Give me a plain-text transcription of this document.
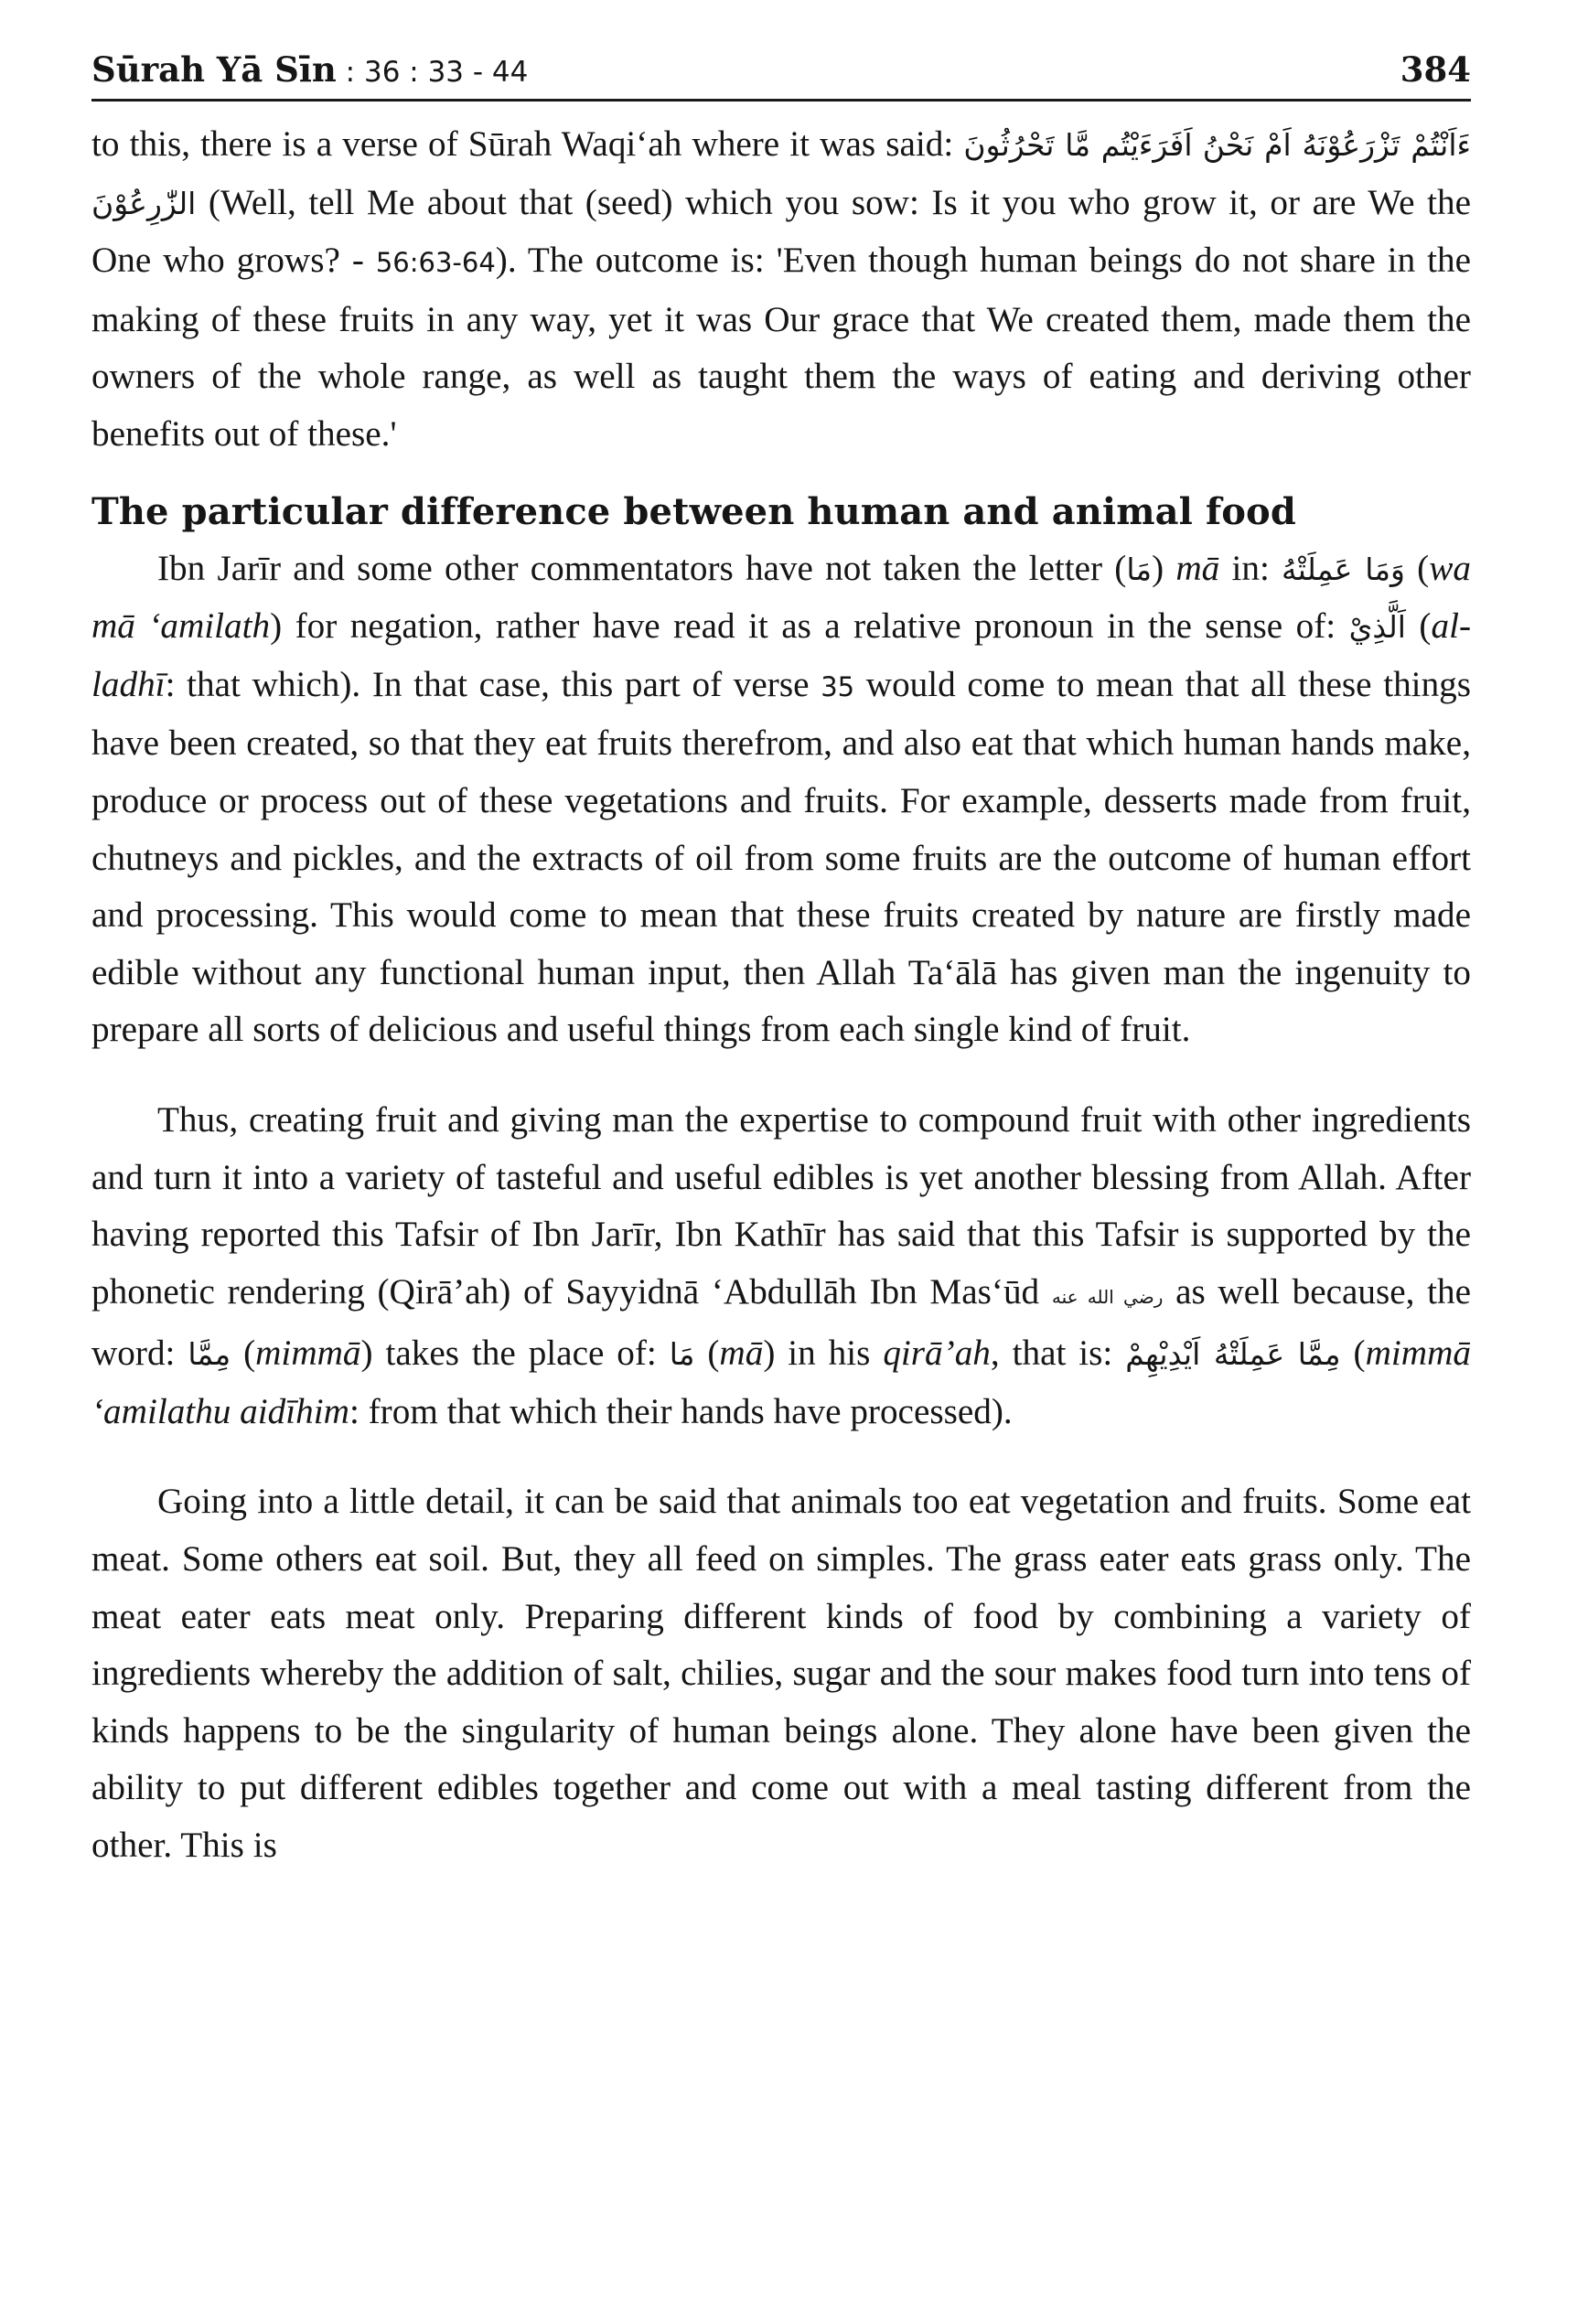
Sūrah Yā Sīn : 36 : 33 - 44	384

to this, there is a verse of Sūrah Waqi‘ah where it was said: اَفَرَءَيْتُم مَّا تَحْرُثُونَ ءَاَنْتُمْ تَزْرَعُوْنَهُ اَمْ نَحْنُ الزّٰرِعُوْنَ (Well, tell Me about that (seed) which you sow: Is it you who grow it, or are We the One who grows? - 56:63-64). The outcome is: 'Even though human beings do not share in the making of these fruits in any way, yet it was Our grace that We created them, made them the owners of the whole range, as well as taught them the ways of eating and deriving other benefits out of these.'

The particular difference between human and animal food

Ibn Jarīr and some other commentators have not taken the letter (مَا) mā in: وَمَا عَمِلَتْهُ (wa mā ‘amilath) for negation, rather have read it as a relative pronoun in the sense of: اَلَّذِيْ (al-ladhī: that which). In that case, this part of verse 35 would come to mean that all these things have been created, so that they eat fruits therefrom, and also eat that which human hands make, produce or process out of these vegetations and fruits. For example, desserts made from fruit, chutneys and pickles, and the extracts of oil from some fruits are the outcome of human effort and processing. This would come to mean that these fruits created by nature are firstly made edible without any functional human input, then Allah Ta‘ālā has given man the ingenuity to prepare all sorts of delicious and useful things from each single kind of fruit.

Thus, creating fruit and giving man the expertise to compound fruit with other ingredients and turn it into a variety of tasteful and useful edibles is yet another blessing from Allah. After having reported this Tafsir of Ibn Jarīr, Ibn Kathīr has said that this Tafsir is supported by the phonetic rendering (Qirā’ah) of Sayyidnā ‘Abdullāh Ibn Mas‘ūd رضي الله عنه as well because, the word: مِمَّا (mimmā) takes the place of: مَا (mā) in his qirā’ah, that is: مِمَّا عَمِلَتْهُ اَيْدِيْهِمْ (mimmā ‘amilathu aidīhim: from that which their hands have processed).

Going into a little detail, it can be said that animals too eat vegetation and fruits. Some eat meat. Some others eat soil. But, they all feed on simples. The grass eater eats grass only. The meat eater eats meat only. Preparing different kinds of food by combining a variety of ingredients whereby the addition of salt, chilies, sugar and the sour makes food turn into tens of kinds happens to be the singularity of human beings alone. They alone have been given the ability to put different edibles together and come out with a meal tasting different from the other. This is
